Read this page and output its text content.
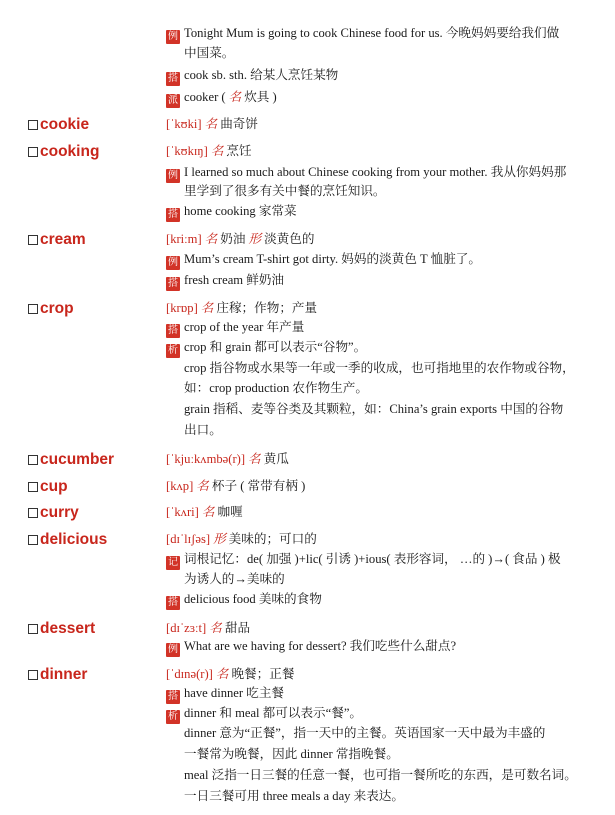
例 Tonight Mum is going to cook Chinese food for us. 今晚妈妈要给我们做
中国菜。
搭 cook sb. sth. 给某人烹饪某物
派 cooker ( 名 炊具 )
cookie	[ˈkʊki] 名 曲奇饼
cooking	[ˈkʊkɪŋ] 名 烹饪
例 I learned so much about Chinese cooking from your mother. 我从你妈妈那
里学到了很多有关中餐的烹饪知识。
搭 home cooking 家常菜
cream	[kriːm] 名 奶油 形 淡黄色的
例 Mum’s cream T-shirt got dirty. 妈妈的淡黄色 T 恤脏了。
搭 fresh cream 鲜奶油
crop	[krɒp] 名 庄稼；作物；产量
搭 crop of the year 年产量
析 crop 和 grain 都可以表示“谷物”。
crop 指谷物或水果等一年或一季的收成，也可指地里的农作物或谷物，
如：crop production 农作物生产。
grain 指稻、麦等谷类及其颗粒，如：China’s grain exports 中国的谷物
出口。
cucumber	[ˈkjuːkʌmbə(r)] 名 黄瓜
cup	[kʌp] 名 杯子 ( 常带有柄 )
curry	[ˈkʌri] 名 咖喱
delicious	[dɪˈlɪʃəs] 形 美味的；可口的
记 词根记忆：de( 加强 )+lic( 引诱 )+ious( 表形容词， …的 )→( 食品 ) 极
为诱人的→美味的
搭 delicious food 美味的食物
dessert	[dɪˈzɜːt] 名 甜品
例 What are we having for dessert? 我们吃些什么甜点?
dinner	[ˈdɪnə(r)] 名 晚餐；正餐
搭 have dinner 吃主餐
析 dinner 和 meal 都可以表示“餐”。
dinner 意为“正餐”，指一天中的主餐。英语国家一天中最为丰盛的
一餐常为晚餐，因此 dinner 常指晚餐。
meal 泛指一日三餐的任意一餐，也可指一餐所吃的东西，是可数名词。
一日三餐可用 three meals a day 来表达。
